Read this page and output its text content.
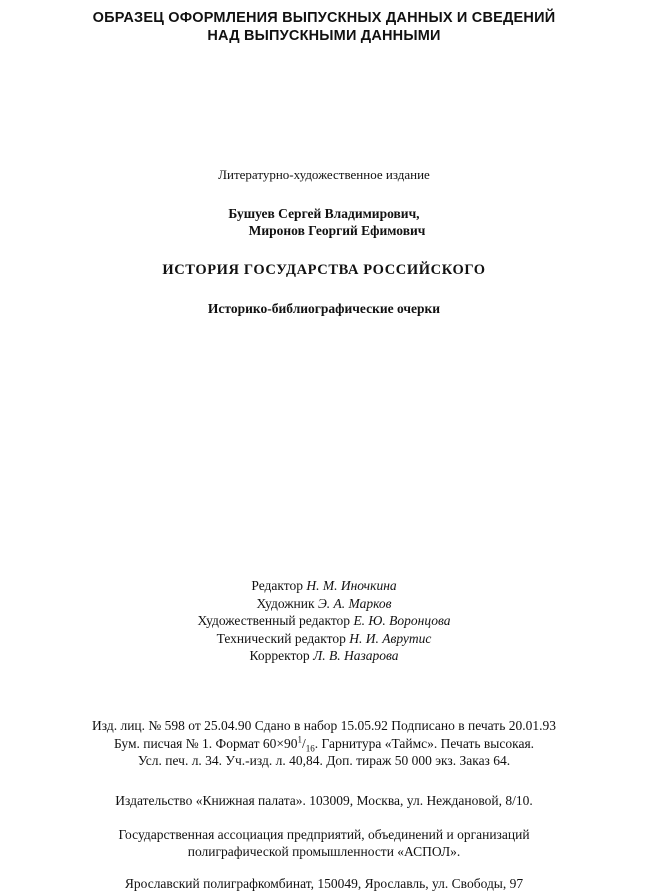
ОБРАЗЕЦ ОФОРМЛЕНИЯ ВЫПУСКНЫХ ДАННЫХ И СВЕДЕНИЙ
НАД ВЫПУСКНЫМИ ДАННЫМИ
Литературно-художественное издание
Бушуев Сергей Владимирович,
Миронов Георгий Ефимович
ИСТОРИЯ ГОСУДАРСТВА РОССИЙСКОГО
Историко-библиографические очерки
Редактор Н. М. Иночкина
Художник Э. А. Марков
Художественный редактор Е. Ю. Воронцова
Технический редактор Н. И. Аврутис
Корректор Л. В. Назарова
Изд. лиц. № 598 от 25.04.90 Сдано в набор 15.05.92 Подписано в печать 20.01.93
Бум. писчая № 1. Формат $60\times 90^1/_{16}$. Гарнитура «Таймс». Печать высокая.
Усл. печ. л. 34. Уч.-изд. л. 40,84. Доп. тираж 50 000 экз. Заказ 64.
Издательство «Книжная палата». 103009, Москва, ул. Неждановой, 8/10.
Государственная ассоциация предприятий, объединений и организаций
полиграфической промышленности «АСПОЛ».
Ярославский полиграфкомбинат, 150049, Ярославль, ул. Свободы, 97
